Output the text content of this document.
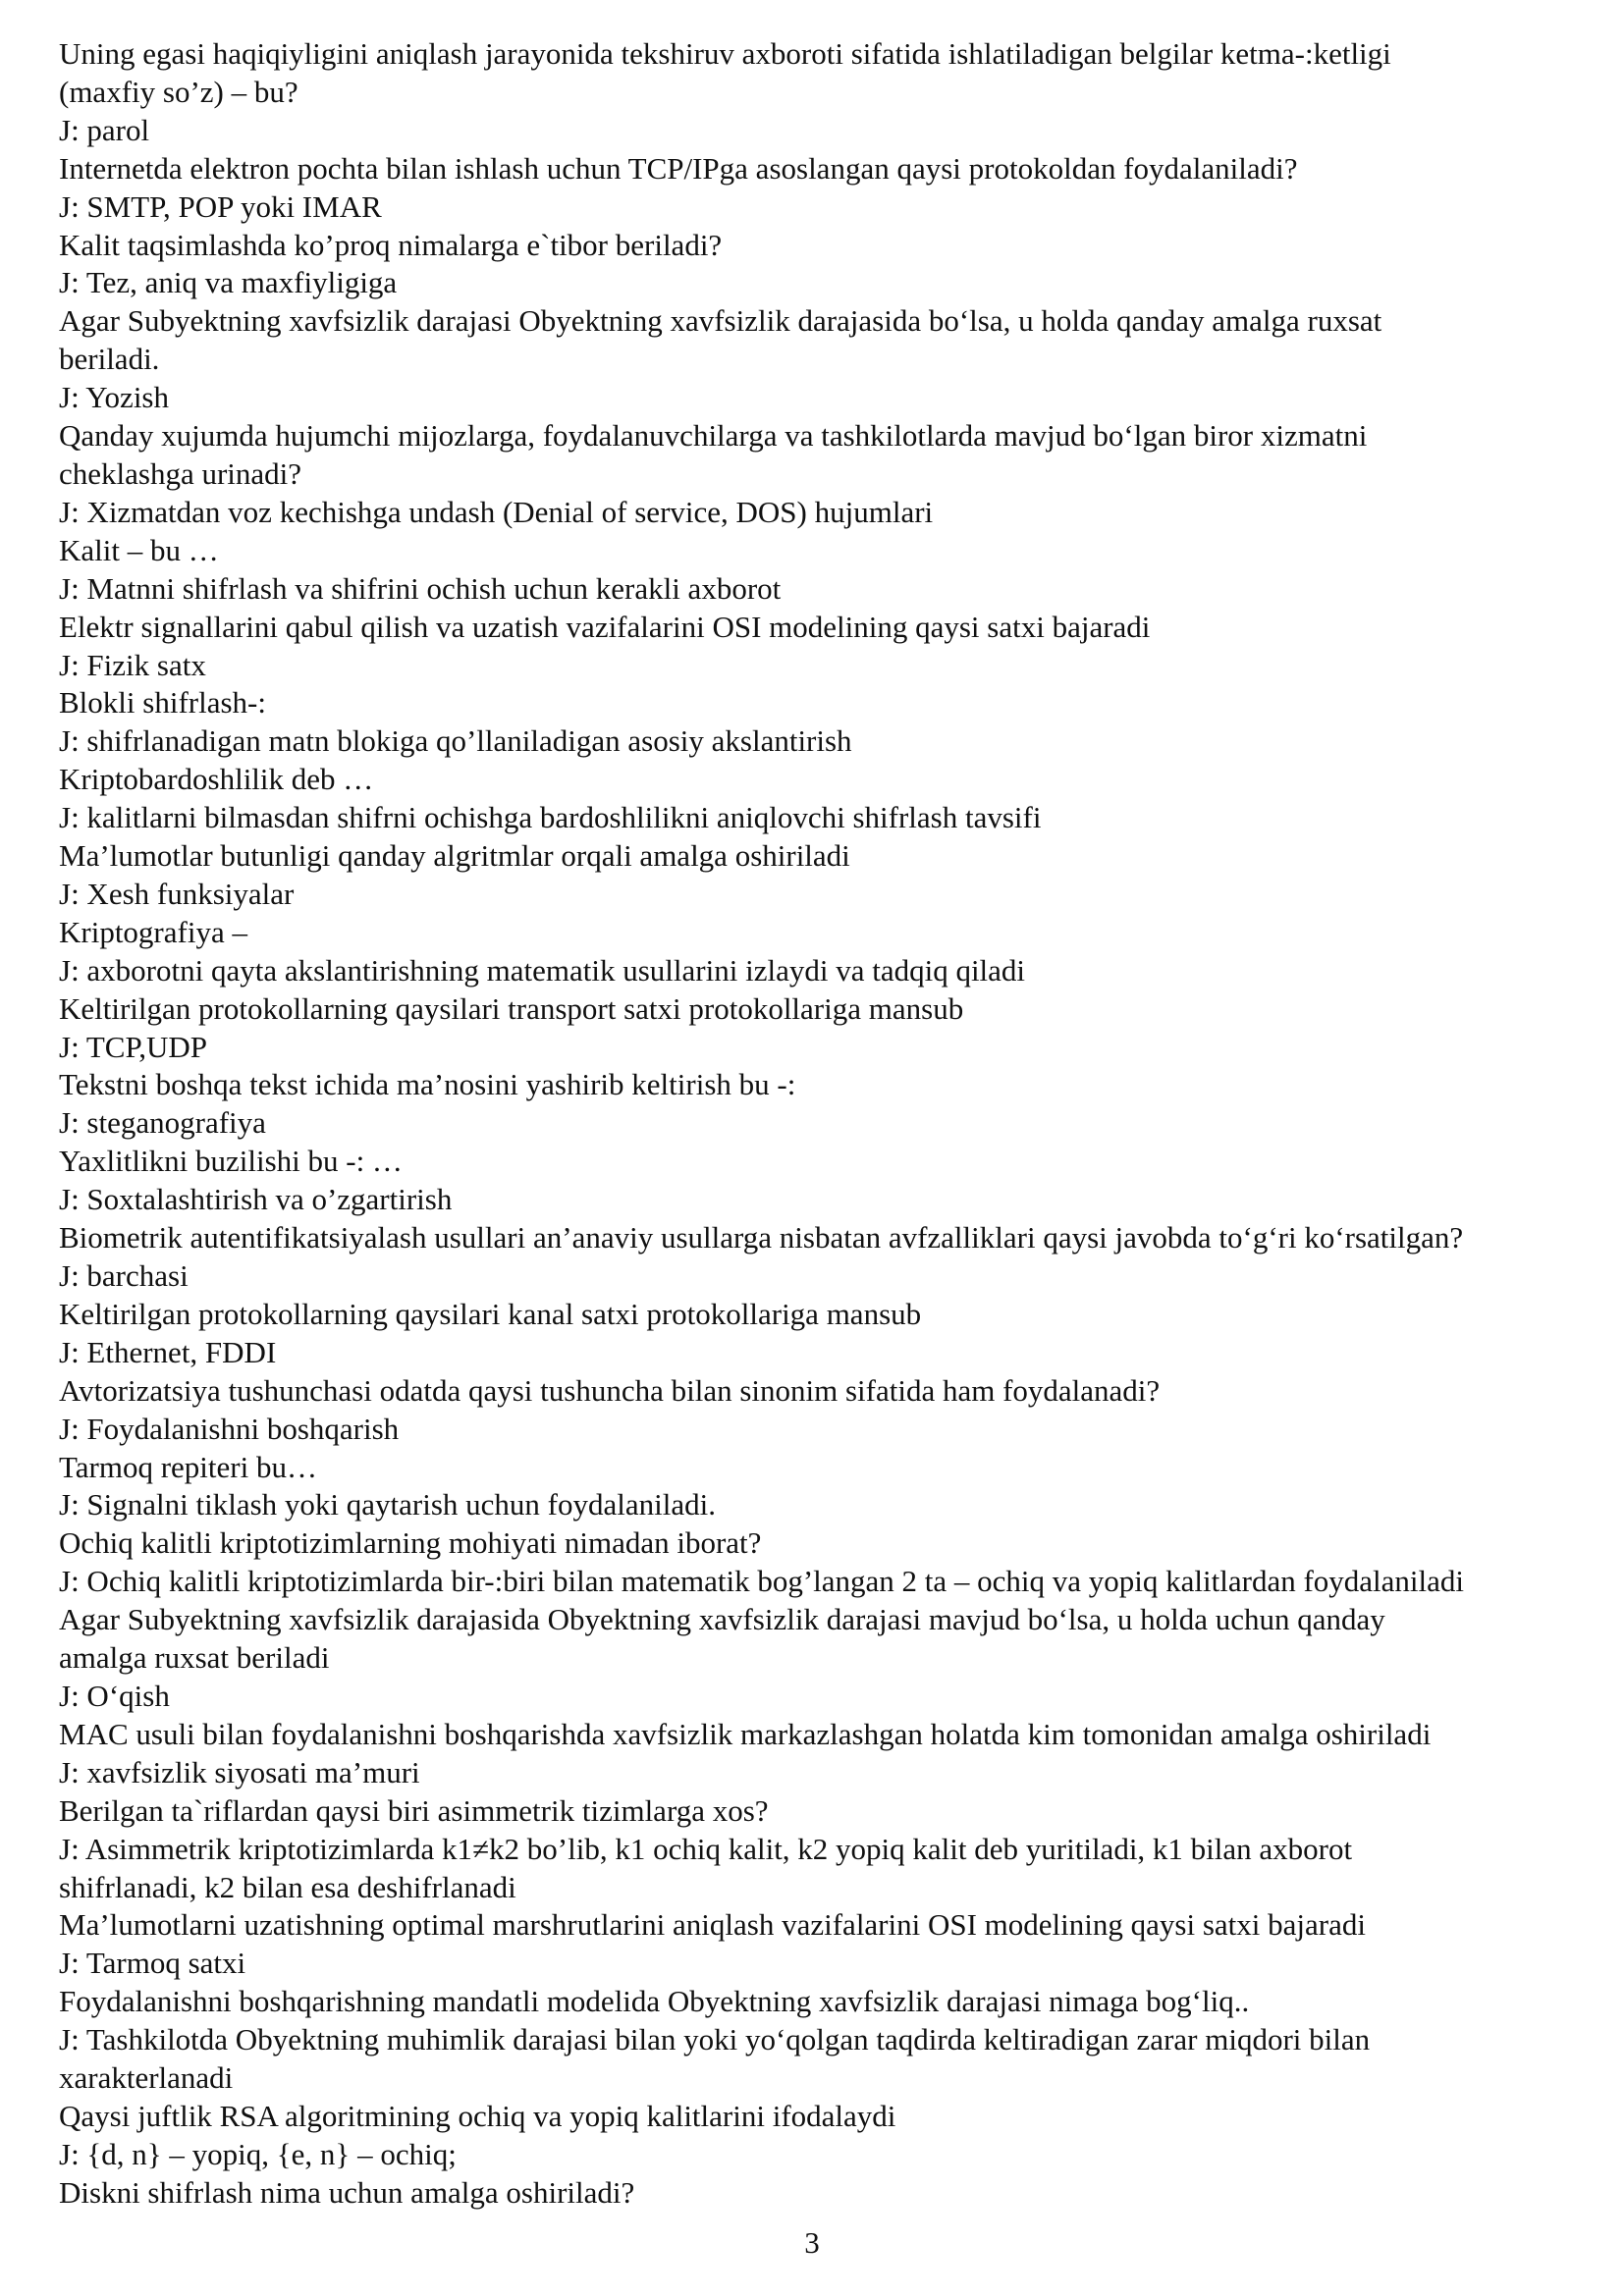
Uning egasi haqiqiyligini aniqlash jarayonida tekshiruv axboroti sifatida ishlatiladigan belgilar ketma-:ketligi

(maxfiy so’z) – bu?

J: parol

Internetda elektron pochta bilan ishlash uchun TCP/IPga asoslangan qaysi protokoldan foydalaniladi?

J: SMTP, POP yoki IMAR

Kalit taqsimlashda ko’proq nimalarga e`tibor beriladi?

J: Tez, aniq va maxfiyligiga

Agar Subyektning xavfsizlik darajasi Obyektning xavfsizlik darajasida bo‘lsa, u holda qanday amalga ruxsat

beriladi.

J: Yozish

Qanday xujumda hujumchi mijozlarga, foydalanuvchilarga va tashkilotlarda mavjud bo‘lgan biror xizmatni

cheklashga urinadi?

J: Xizmatdan voz kechishga undash (Denial of service, DOS) hujumlari

Kalit – bu …

J: Matnni shifrlash va shifrini ochish uchun kerakli axborot

Elektr signallarini qabul qilish va uzatish vazifalarini OSI modelining qaysi satxi bajaradi

J: Fizik satx

Blokli shifrlash-:

J: shifrlanadigan matn blokiga qo’llaniladigan asosiy akslantirish

Kriptobardoshlilik deb …

J: kalitlarni bilmasdan shifrni ochishga bardoshlilikni aniqlovchi shifrlash tavsifi

Ma’lumotlar butunligi qanday algritmlar orqali amalga oshiriladi

J: Xesh funksiyalar

Kriptografiya –

J: axborotni qayta akslantirishning matematik usullarini izlaydi va tadqiq qiladi

Keltirilgan protokollarning qaysilari transport satxi protokollariga mansub

J: TCP,UDP

Tekstni boshqa tekst ichida ma’nosini yashirib keltirish bu -:

J: steganografiya

Yaxlitlikni buzilishi bu -: …

J: Soxtalashtirish va o’zgartirish

Biometrik autentifikatsiyalash usullari an’anaviy usullarga nisbatan avfzalliklari qaysi javobda to‘g‘ri ko‘rsatilgan?

J: barchasi

Keltirilgan protokollarning qaysilari kanal satxi protokollariga mansub

J: Ethernet, FDDI

Avtorizatsiya tushunchasi odatda qaysi tushuncha bilan sinonim sifatida ham foydalanadi?

J: Foydalanishni boshqarish

Tarmoq repiteri bu…

J: Signalni tiklash yoki qaytarish uchun foydalaniladi.

Ochiq kalitli kriptotizimlarning mohiyati nimadan iborat?

J: Ochiq kalitli kriptotizimlarda bir-:biri bilan matematik bog’langan 2 ta – ochiq va yopiq kalitlardan foydalaniladi

Agar Subyektning xavfsizlik darajasida Obyektning xavfsizlik darajasi mavjud bo‘lsa, u holda uchun qanday

amalga ruxsat beriladi

J: O‘qish

MAC usuli bilan foydalanishni boshqarishda xavfsizlik markazlashgan holatda kim tomonidan amalga oshiriladi

J: xavfsizlik siyosati ma’muri

Berilgan ta`riflardan qaysi biri asimmetrik tizimlarga xos?

J: Asimmetrik kriptotizimlarda k1≠k2 bo’lib, k1 ochiq kalit, k2 yopiq kalit deb yuritiladi, k1 bilan axborot

shifrlanadi, k2 bilan esa deshifrlanadi

Ma’lumotlarni uzatishning optimal marshrutlarini aniqlash vazifalarini OSI modelining qaysi satxi bajaradi

J: Tarmoq satxi

Foydalanishni boshqarishning mandatli modelida Obyektning xavfsizlik darajasi nimaga bog‘liq..

J: Tashkilotda Obyektning muhimlik darajasi bilan yoki yo‘qolgan taqdirda keltiradigan zarar miqdori bilan

xarakterlanadi

Qaysi juftlik RSA algoritmining ochiq va yopiq kalitlarini ifodalaydi

J: {d, n} – yopiq, {e, n} – ochiq;

Diskni shifrlash nima uchun amalga oshiriladi?

3
